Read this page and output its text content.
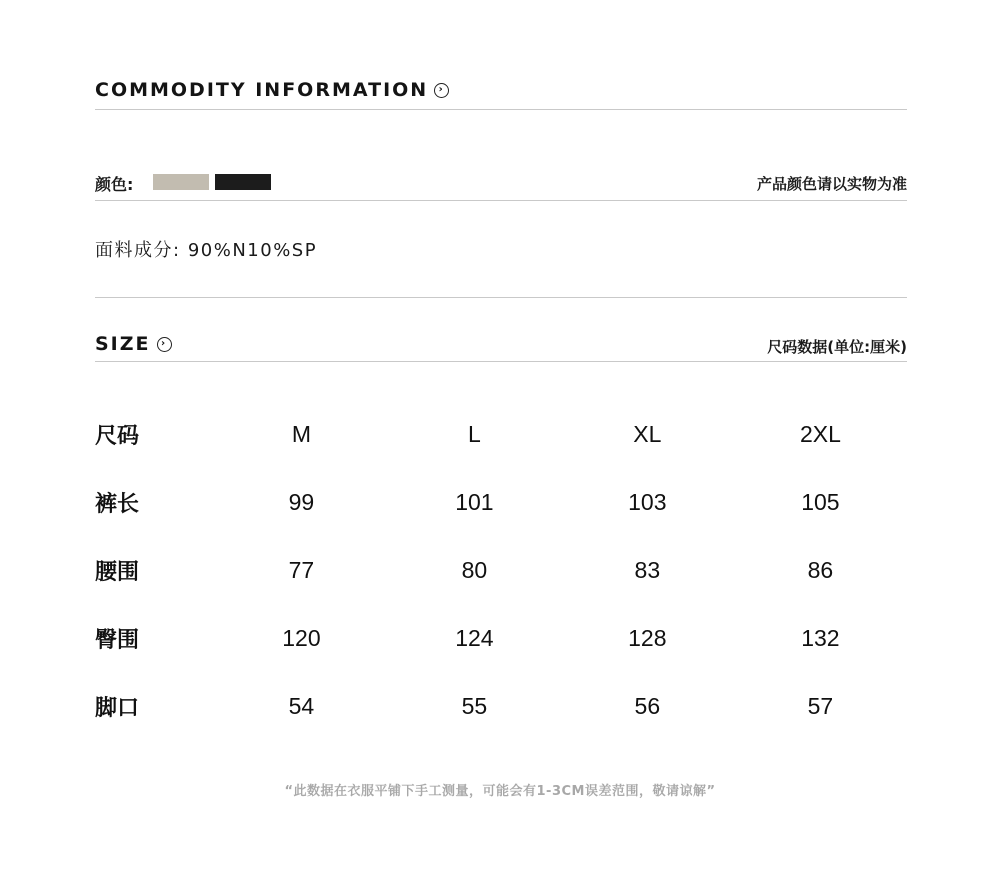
COMMODITY INFORMATION	›
颜色:	产品颜色请以实物为准
面料成分: 90%N10%SP
SIZE	›	尺码数据(单位:厘米)
尺码	M	L	XL	2XL
裤长	99	101	103	105
腰围	77	80	83	86
臀围	120	124	128	132
脚口	54	55	56	57
“此数据在衣服平铺下手工测量，可能会有1-3CM误差范围，敬请谅解”
